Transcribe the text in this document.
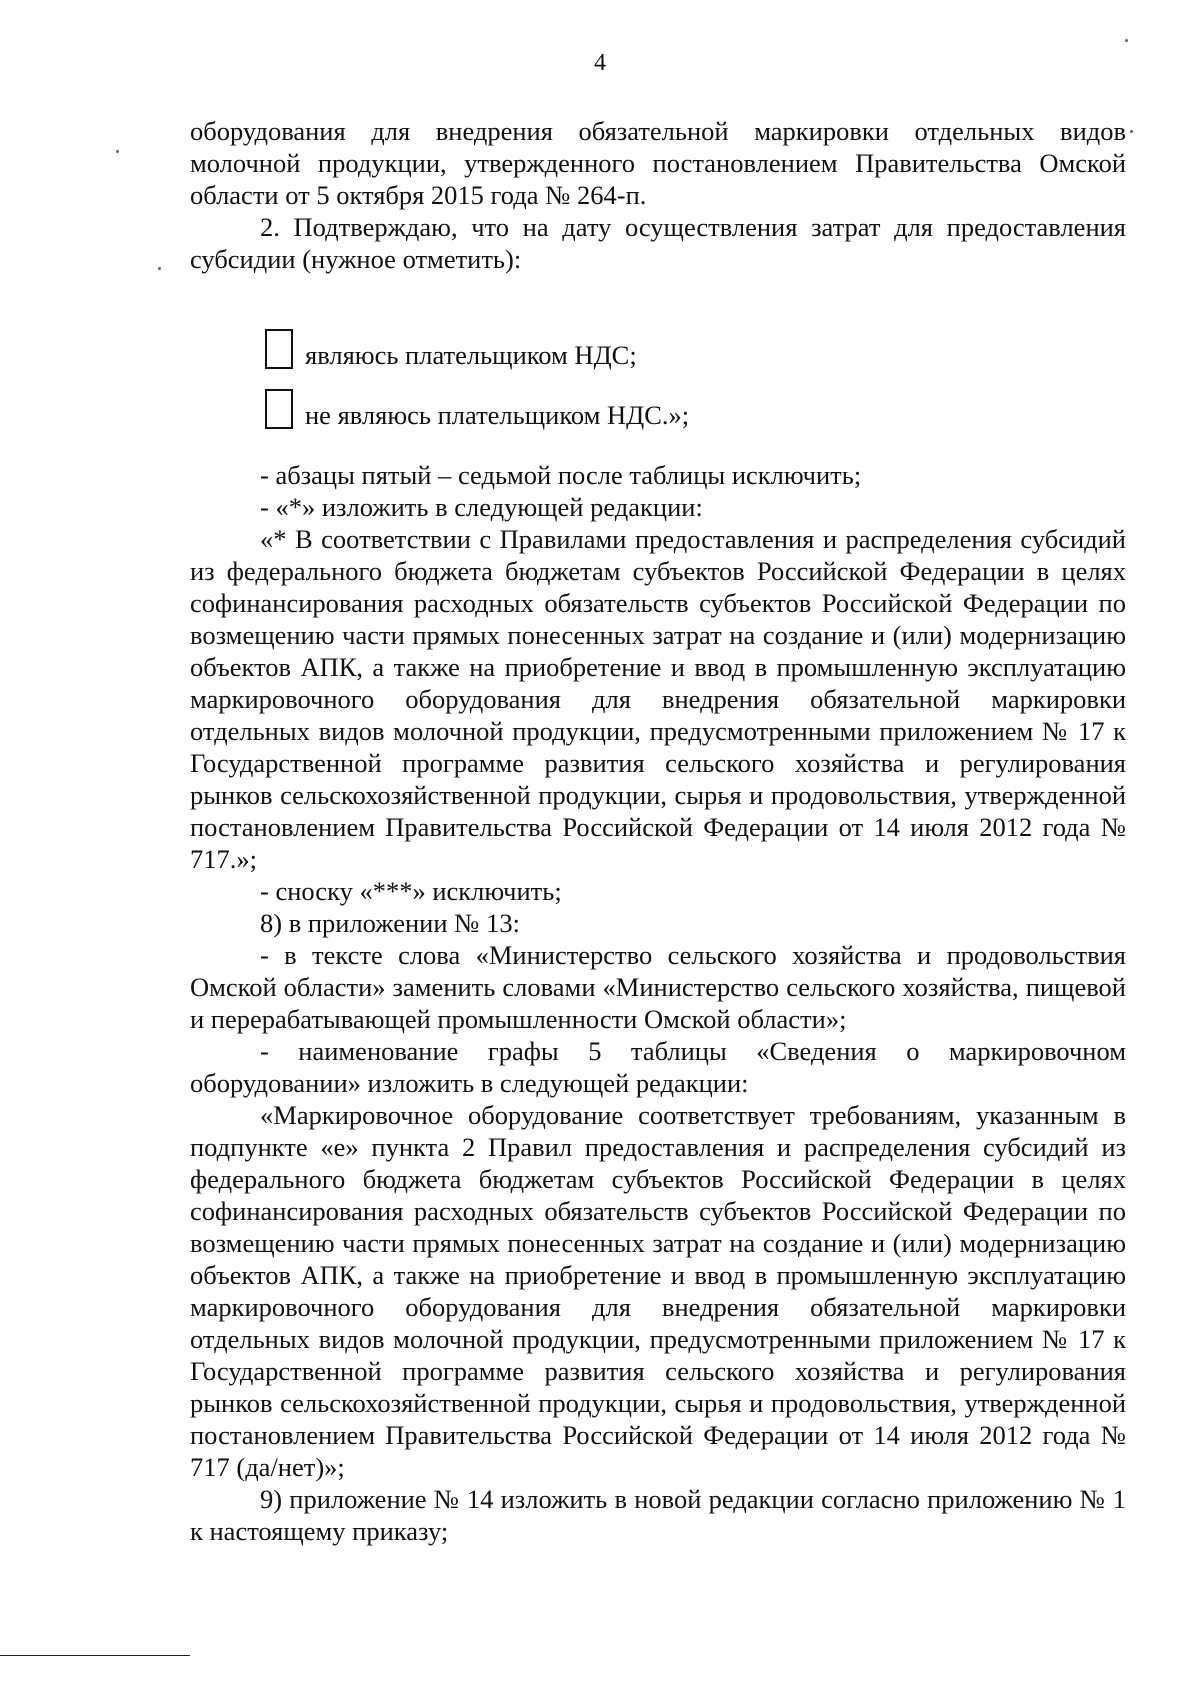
4

оборудования для внедрения обязательной маркировки отдельных видов молочной продукции, утвержденного постановлением Правительства Омской области от 5 октября 2015 года № 264-п.

2. Подтверждаю, что на дату осуществления затрат для предоставления субсидии (нужное отметить):

являюсь плательщиком НДС;
не являюсь плательщиком НДС.»;

- абзацы пятый – седьмой после таблицы исключить;

- «*» изложить в следующей редакции:

«* В соответствии с Правилами предоставления и распределения субсидий из федерального бюджета бюджетам субъектов Российской Федерации в целях софинансирования расходных обязательств субъектов Российской Федерации по возмещению части прямых понесенных затрат на создание и (или) модернизацию объектов АПК, а также на приобретение и ввод в промышленную эксплуатацию маркировочного оборудования для внедрения обязательной маркировки отдельных видов молочной продукции, предусмотренными приложением № 17 к Государственной программе развития сельского хозяйства и регулирования рынков сельскохозяйственной продукции, сырья и продовольствия, утвержденной постановлением Правительства Российской Федерации от 14 июля 2012 года № 717.»;

- сноску «***» исключить;

8) в приложении № 13:

- в тексте слова «Министерство сельского хозяйства и продовольствия Омской области» заменить словами «Министерство сельского хозяйства, пищевой и перерабатывающей промышленности Омской области»;

- наименование графы 5 таблицы «Сведения о маркировочном оборудовании» изложить в следующей редакции:

«Маркировочное оборудование соответствует требованиям, указанным в подпункте «е» пункта 2 Правил предоставления и распределения субсидий из федерального бюджета бюджетам субъектов Российской Федерации в целях софинансирования расходных обязательств субъектов Российской Федерации по возмещению части прямых понесенных затрат на создание и (или) модернизацию объектов АПК, а также на приобретение и ввод в промышленную эксплуатацию маркировочного оборудования для внедрения обязательной маркировки отдельных видов молочной продукции, предусмотренными приложением № 17 к Государственной программе развития сельского хозяйства и регулирования рынков сельскохозяйственной продукции, сырья и продовольствия, утвержденной постановлением Правительства Российской Федерации от 14 июля 2012 года № 717 (да/нет)»;

9) приложение № 14 изложить в новой редакции согласно приложению № 1 к настоящему приказу;
